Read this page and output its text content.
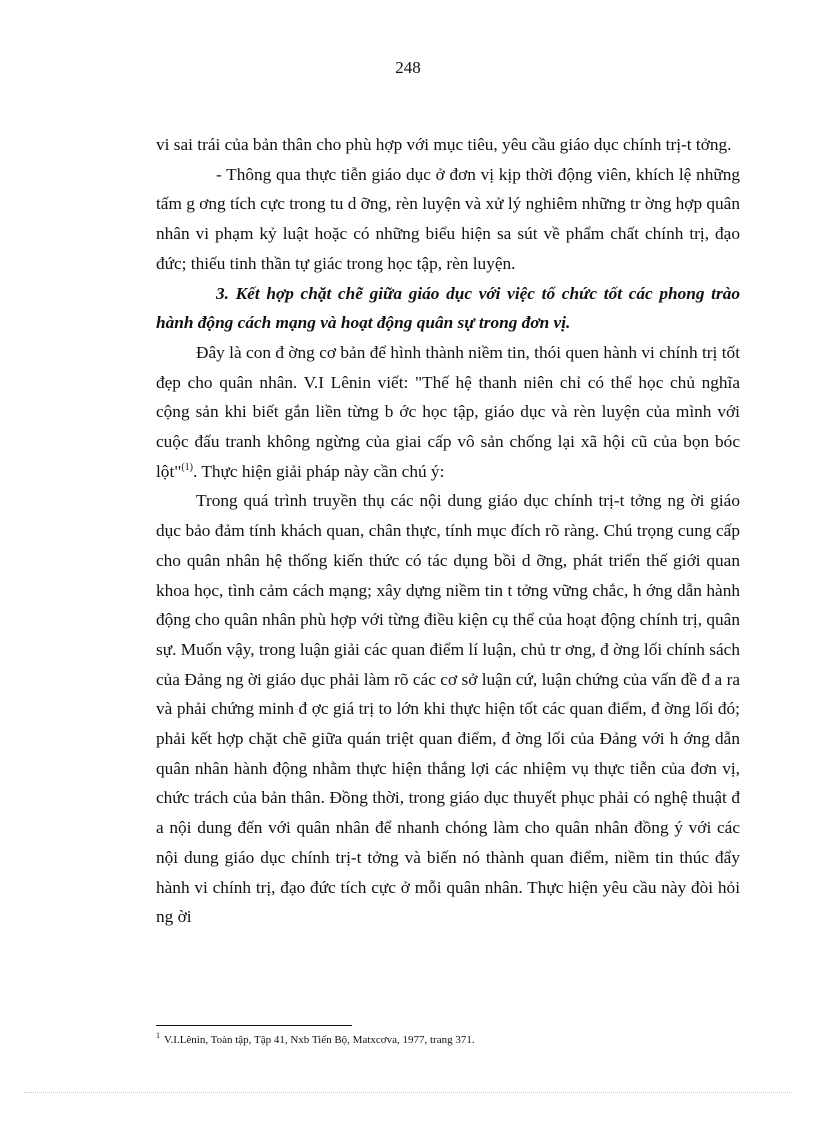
248

vi sai trái của bản thân cho phù hợp với mục tiêu, yêu cầu giáo dục chính trị-t tởng.

- Thông qua thực tiễn giáo dục ở đơn vị kịp thời động viên, khích lệ những tấm g ơng tích cực trong tu d ỡng, rèn luyện và xử lý nghiêm những tr ờng hợp quân nhân vi phạm kỷ luật hoặc có những biểu hiện sa sút về phẩm chất chính trị, đạo đức; thiếu tinh thần tự giác trong học tập, rèn luyện.

3. Kết hợp chặt chẽ giữa giáo dục với việc tổ chức tốt các phong trào hành động cách mạng và hoạt động quân sự trong đơn vị.

Đây là con đ ờng cơ bản để hình thành niềm tin, thói quen hành vi chính trị tốt đẹp cho quân nhân. V.I Lênin viết: "Thế hệ thanh niên chỉ có thể học chủ nghĩa cộng sản khi biết gắn liền từng b ớc học tập, giáo dục và rèn luyện của mình với cuộc đấu tranh không ngừng của giai cấp vô sản chống lại xã hội cũ của bọn bóc lột"$^{(1)}$. Thực hiện giải pháp này cần chú ý:

Trong quá trình truyền thụ các nội dung giáo dục chính trị-t tởng ng ời giáo dục bảo đảm tính khách quan, chân thực, tính mục đích rõ ràng. Chú trọng cung cấp cho quân nhân hệ thống kiến thức có tác dụng bồi d ỡng, phát triển thế giới quan khoa học, tình cảm cách mạng; xây dựng niềm tin t tởng vững chắc, h ớng dẫn hành động cho quân nhân phù hợp với từng điều kiện cụ thể của hoạt động chính trị, quân sự. Muốn vậy, trong luận giải các quan điểm lí luận, chủ tr ơng, đ ờng lối chính sách của Đảng ng ời giáo dục phải làm rõ các cơ sở luận cứ, luận chứng của vấn đề đ a ra và phải chứng minh đ ợc giá trị to lớn khi thực hiện tốt các quan điểm, đ ờng lối đó; phải kết hợp chặt chẽ giữa quán triệt quan điểm, đ ờng lối của Đảng với h ớng dẫn quân nhân hành động nhằm thực hiện thắng lợi các nhiệm vụ thực tiễn của đơn vị, chức trách của bản thân. Đồng thời, trong giáo dục thuyết phục phải có nghệ thuật đ a nội dung đến với quân nhân để nhanh chóng làm cho quân nhân đồng ý với các nội dung giáo dục chính trị-t tởng và biến nó thành quan điểm, niềm tin thúc đẩy hành vi chính trị, đạo đức tích cực ở mỗi quân nhân. Thực hiện yêu cầu này đòi hỏi ng ời

$^1$ V.I.Lênin, Toàn tập, Tập 41, Nxb Tiến Bộ, Matxcơva, 1977, trang 371.
